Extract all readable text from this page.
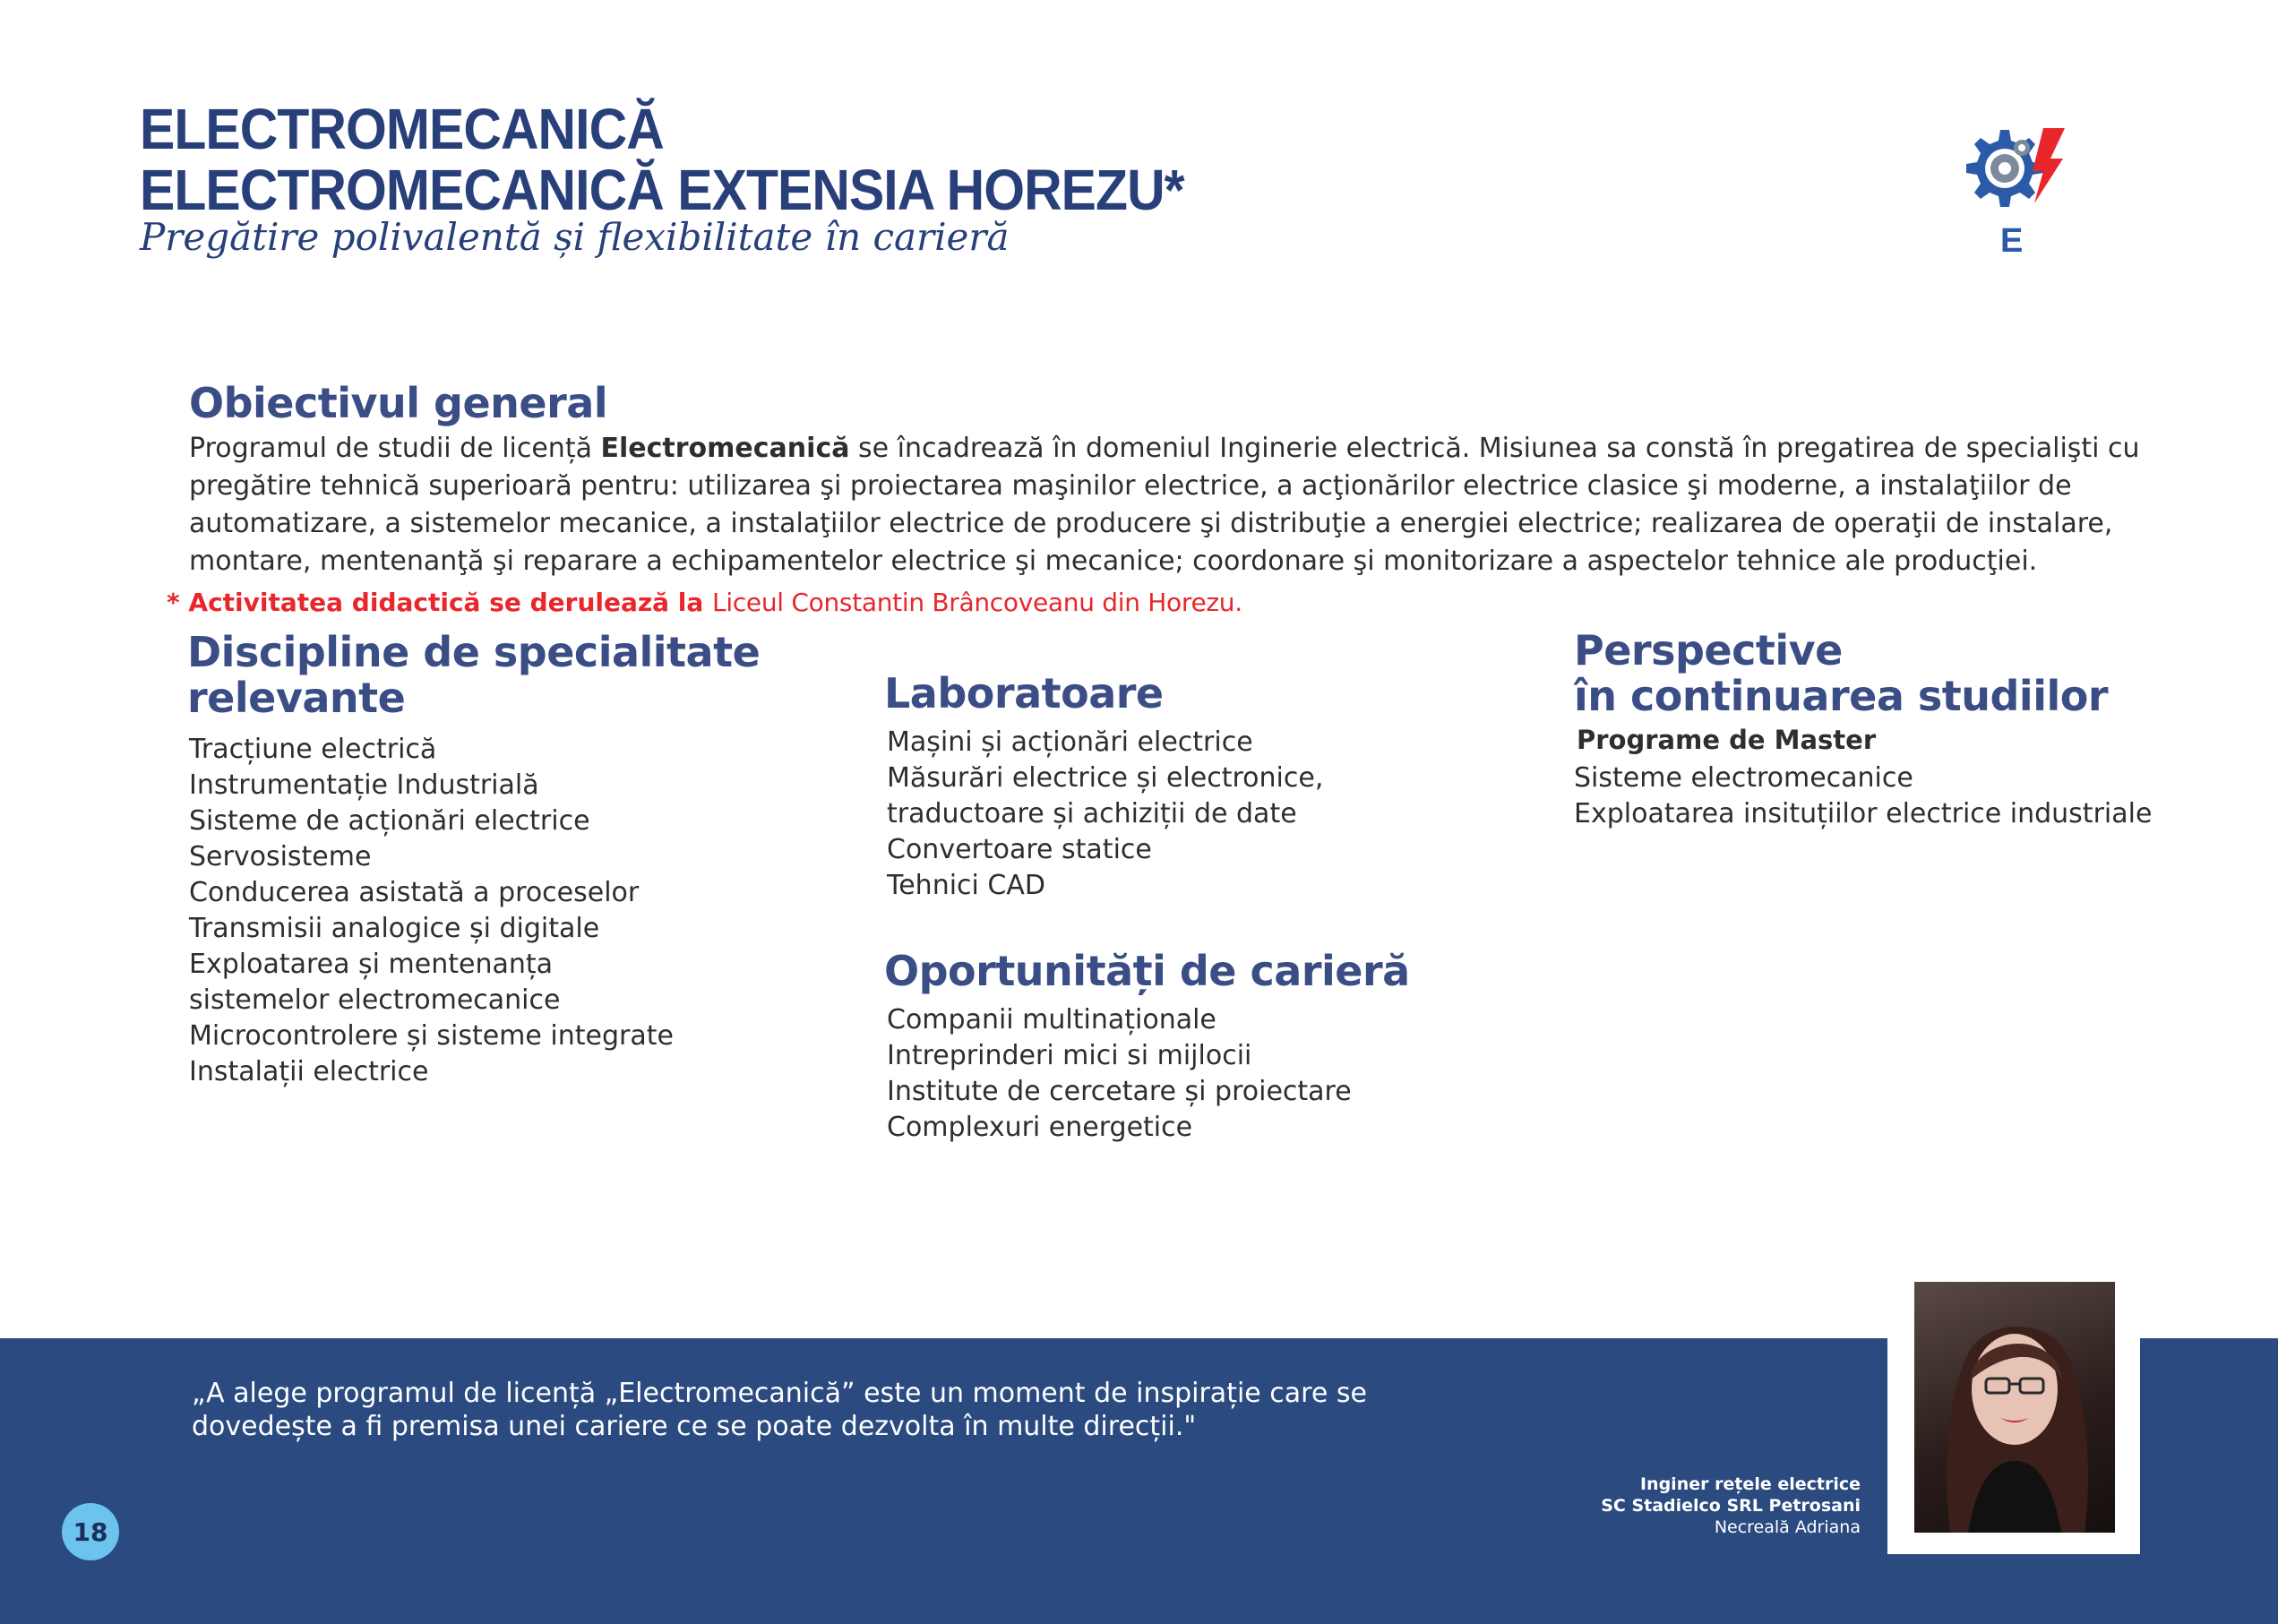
ELECTROMECANICĂ
ELECTROMECANICĂ EXTENSIA HOREZU*
Pregătire polivalentă și flexibilitate în carieră	E
Obiectivul general
Programul de studii de licență Electromecanică se încadrează în domeniul Inginerie electrică. Misiunea sa constă în pregatirea de specialişti cu pregătire tehnică superioară pentru: utilizarea şi proiectarea maşinilor electrice, a acţionărilor electrice clasice şi moderne, a instalaţiilor de automatizare, a sistemelor mecanice, a instalaţiilor electrice de producere şi distribuţie a energiei electrice; realizarea de operaţii de instalare, montare, mentenanţă şi reparare a echipamentelor electrice şi mecanice; coordonare şi monitorizare a aspectelor tehnice ale producţiei.
* Activitatea didactică se derulează la Liceul Constantin Brâncoveanu din Horezu.
Discipline de specialitate
relevante
Tracțiune electrică
Instrumentație Industrială
Sisteme de acționări electrice
Servosisteme
Conducerea asistată a proceselor
Transmisii analogice și digitale
Exploatarea și mentenanța sistemelor electromecanice
Microcontrolere și sisteme integrate
Instalații electrice
Laboratoare
Mașini și acționări electrice
Măsurări electrice și electronice, traductoare și achiziții de date
Convertoare statice
Tehnici CAD
Oportunități de carieră
Companii multinaționale
Intreprinderi mici si mijlocii
Institute de cercetare și proiectare
Complexuri energetice
Perspective
în continuarea studiilor
Programe de Master
Sisteme electromecanice
Exploatarea insituțiilor electrice industriale
„A alege programul de licență „Electromecanică” este un moment de inspirație care se dovedește a fi premisa unei cariere ce se poate dezvolta în multe direcții."
Inginer rețele electrice
SC Stadielco SRL Petrosani
Necreală Adriana
18
